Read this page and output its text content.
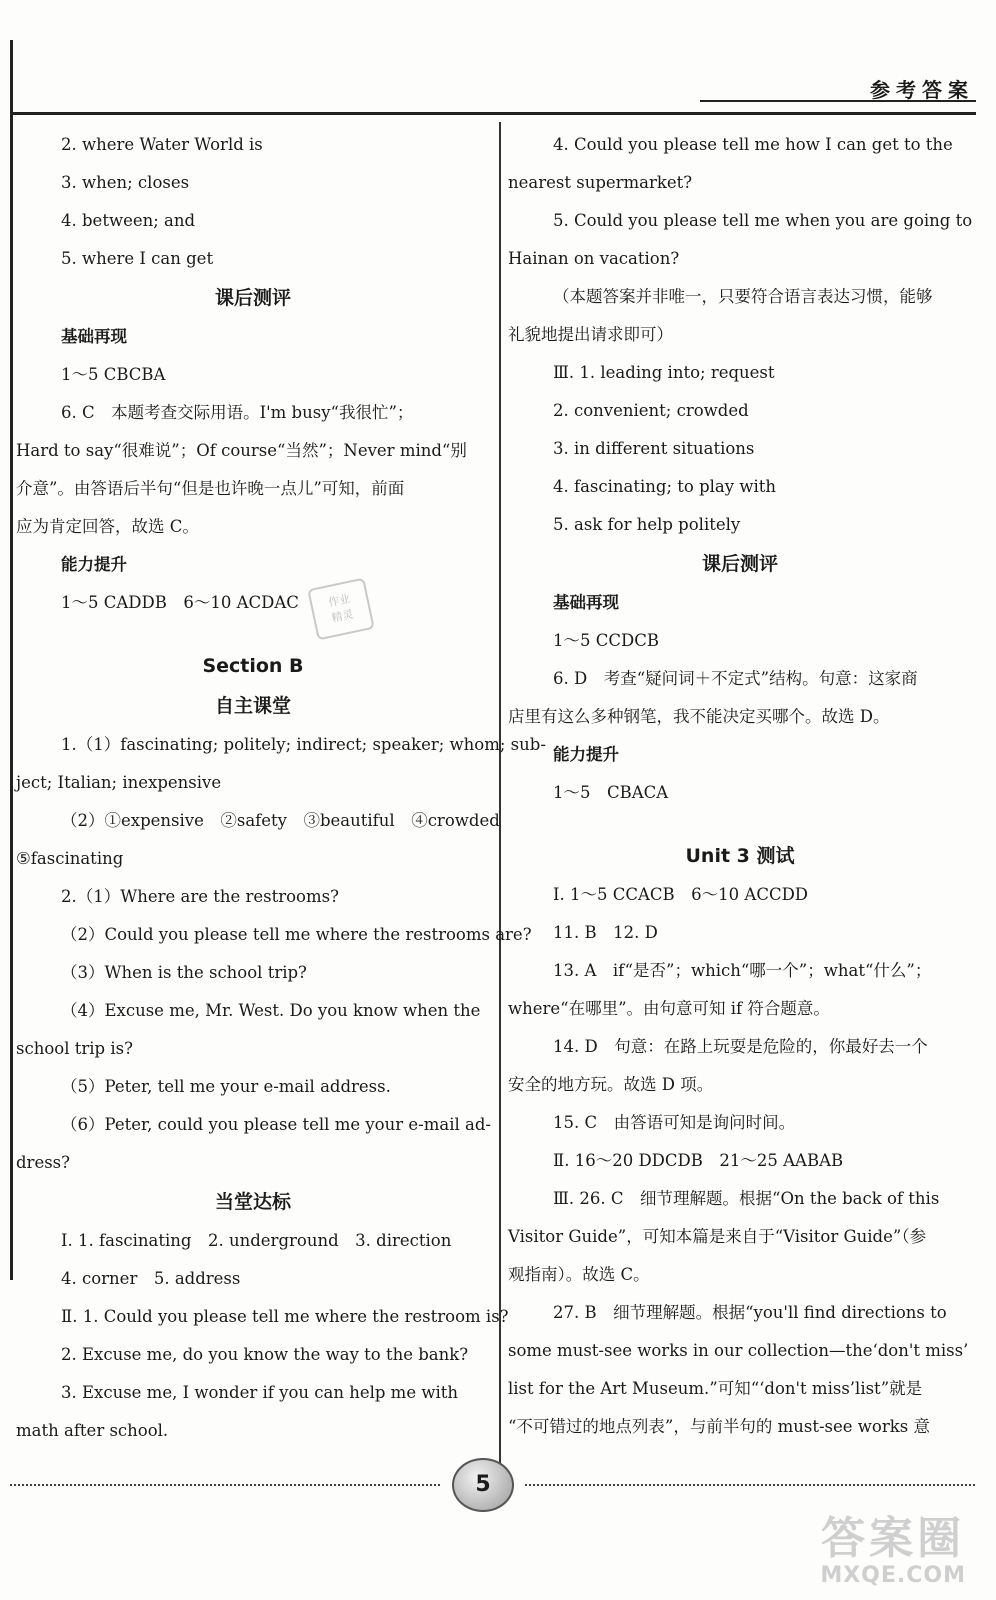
参考答案
2. where Water World is
3. when; closes
4. between; and
5. where I can get
课后测评
基础再现
1～5 CBCBA
6. C　本题考查交际用语。I'm busy“我很忙”；
Hard to say“很难说”；Of course“当然”；Never mind“别
介意”。由答语后半句“但是也许晚一点儿”可知，前面
应为肯定回答，故选 C。
能力提升
1～5 CADDB　6～10 ACDAC
Section B
自主课堂
1.（1）fascinating; politely; indirect; speaker; whom; sub-
ject; Italian; inexpensive
（2）①expensive　②safety　③beautiful　④crowded
⑤fascinating
2.（1）Where are the restrooms?
（2）Could you please tell me where the restrooms are?
（3）When is the school trip?
（4）Excuse me, Mr. West. Do you know when the
school trip is?
（5）Peter, tell me your e-mail address.
（6）Peter, could you please tell me your e-mail ad-
dress?
当堂达标
Ⅰ. 1. fascinating　2. underground　3. direction
4. corner　5. address
Ⅱ. 1. Could you please tell me where the restroom is?
2. Excuse me, do you know the way to the bank?
3. Excuse me, I wonder if you can help me with
math after school.
4. Could you please tell me how I can get to the
nearest supermarket?
5. Could you please tell me when you are going to
Hainan on vacation?
（本题答案并非唯一，只要符合语言表达习惯，能够
礼貌地提出请求即可）
Ⅲ. 1. leading into; request
2. convenient; crowded
3. in different situations
4. fascinating; to play with
5. ask for help politely
课后测评
基础再现
1～5 CCDCB
6. D　考查“疑问词＋不定式”结构。句意：这家商
店里有这么多种钢笔，我不能决定买哪个。故选 D。
能力提升
1～5　CBACA
Unit 3 测试
Ⅰ. 1～5 CCACB　6～10 ACCDD
11. B　12. D
13. A　if“是否”；which“哪一个”；what“什么”；
where“在哪里”。由句意可知 if 符合题意。
14. D　句意：在路上玩耍是危险的，你最好去一个
安全的地方玩。故选 D 项。
15. C　由答语可知是询问时间。
Ⅱ. 16～20 DDCDB　21～25 AABAB
Ⅲ. 26. C　细节理解题。根据“On the back of this
Visitor Guide”，可知本篇是来自于“Visitor Guide”（参
观指南）。故选 C。
27. B　细节理解题。根据“you'll find directions to
some must-see works in our collection—the‘don't miss’
list for the Art Museum.”可知“‘don't miss’list”就是
“不可错过的地点列表”，与前半句的 must-see works 意
作业
精灵
5
答案圈
MXQE.COM
